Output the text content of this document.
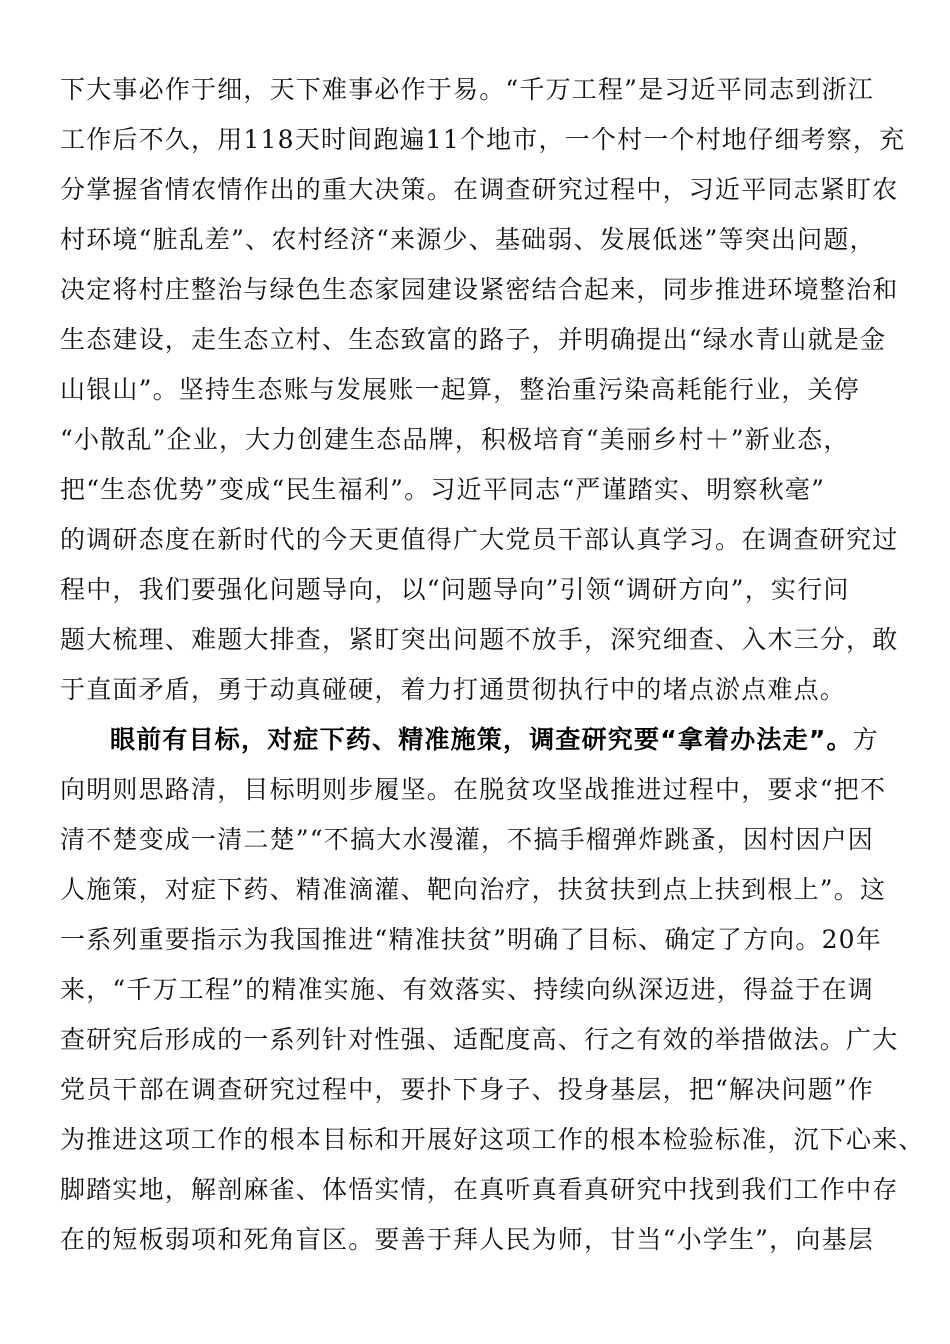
下大事必作于细，天下难事必作于易。“千万工程”是习近平同志到浙江
工作后不久，用118天时间跑遍11个地市，一个村一个村地仔细考察，充
分掌握省情农情作出的重大决策。在调查研究过程中，习近平同志紧盯农
村环境“脏乱差”、农村经济“来源少、基础弱、发展低迷”等突出问题，
决定将村庄整治与绿色生态家园建设紧密结合起来，同步推进环境整治和
生态建设，走生态立村、生态致富的路子，并明确提出“绿水青山就是金
山银山”。坚持生态账与发展账一起算，整治重污染高耗能行业，关停
“小散乱”企业，大力创建生态品牌，积极培育“美丽乡村＋”新业态，
把“生态优势”变成“民生福利”。习近平同志“严谨踏实、明察秋毫”
的调研态度在新时代的今天更值得广大党员干部认真学习。在调查研究过
程中，我们要强化问题导向，以“问题导向”引领“调研方向”，实行问
题大梳理、难题大排查，紧盯突出问题不放手，深究细查、入木三分，敢
于直面矛盾，勇于动真碰硬，着力打通贯彻执行中的堵点淤点难点。
眼前有目标，对症下药、精准施策，调查研究要“拿着办法走”。方
向明则思路清，目标明则步履坚。在脱贫攻坚战推进过程中，要求“把不
清不楚变成一清二楚”“不搞大水漫灌，不搞手榴弹炸跳蚤，因村因户因
人施策，对症下药、精准滴灌、靶向治疗，扶贫扶到点上扶到根上”。这
一系列重要指示为我国推进“精准扶贫”明确了目标、确定了方向。20年
来，“千万工程”的精准实施、有效落实、持续向纵深迈进，得益于在调
查研究后形成的一系列针对性强、适配度高、行之有效的举措做法。广大
党员干部在调查研究过程中，要扑下身子、投身基层，把“解决问题”作
为推进这项工作的根本目标和开展好这项工作的根本检验标准，沉下心来、
脚踏实地，解剖麻雀、体悟实情，在真听真看真研究中找到我们工作中存
在的短板弱项和死角盲区。要善于拜人民为师，甘当“小学生”，向基层
